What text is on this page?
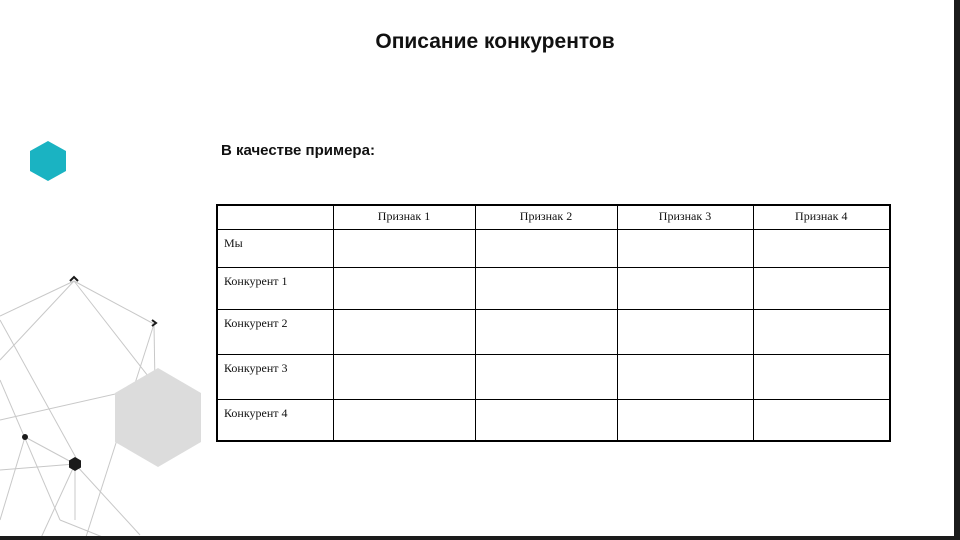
Описание конкурентов
В качестве примера:
	Признак 1	Признак 2	Признак 3	Признак 4
Мы				
Конкурент 1				
Конкурент 2				
Конкурент 3				
Конкурент 4				
